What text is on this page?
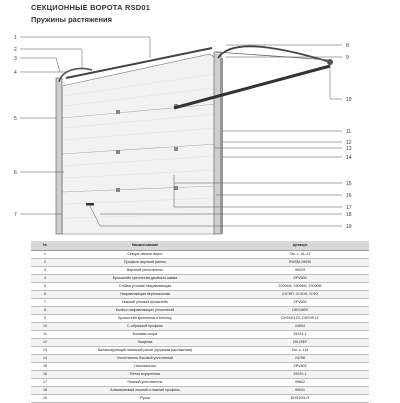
СЕКЦИОННЫЕ ВОРОТА RSD01
Пружины растяжения
1
2
3
4
5
6
7
8
9
10
11
12
13
14
15
16
17
18
19
№	Наименование	Артикул
1	Секция-панель ворот	См. с. 16–21
2	Профиль верхний ригель	EWSM-28090
3	Верхний уплотнитель	90029
4	Кронштейн крепления двойного шкива	SPV900
5	Стойка угловая направляющая	23091М, 23094М, 23090М
6	Направляющая вертикальная	21СНП, 21ЗОК, 21ФЗ
7	Нижний угловой кронштейн	SPV000
8	Колёсо направляющих уплотнений	DHS4809
9	Кронштейн крепления к потолку	DHSVE1ZZ, DHSVE1Z
10	С-образный профиль	24004
11	Боковая опора	25224-1
12	Защёлка	25129ЕF
13	Балансирующий натяжной рычаг (пружины растяжения)	См. с. 119
14	Уплотнитель боковой уплотнений	24706
15	Напольчатка	SPV802
16	Петля внутренняя	25220-1
17	Нижний уплотнитель	99842
18	Алюминиевый нижний и нижний профиль	99041
19	Ручка	DHS100LG
